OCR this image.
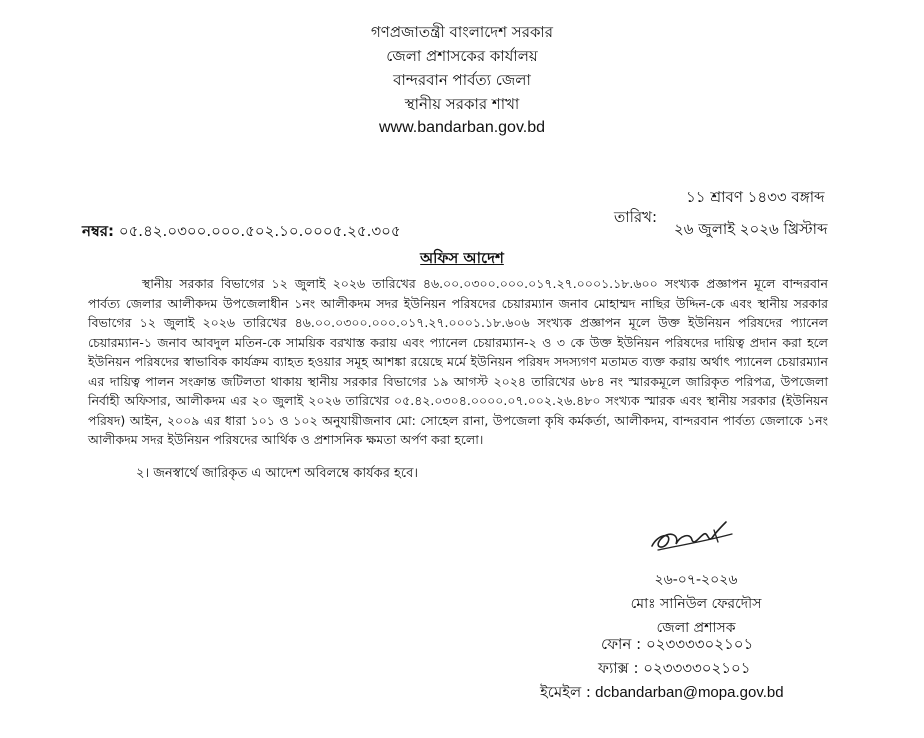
গণপ্রজাতন্ত্রী বাংলাদেশ সরকার
জেলা প্রশাসকের কার্যালয়
বান্দরবান পার্বত্য জেলা
স্থানীয় সরকার শাখা
www.bandarban.gov.bd
তারিখ:
১১ শ্রাবণ ১৪৩৩ বঙ্গাব্দ
২৬ জুলাই ২০২৬ খ্রিস্টাব্দ
নম্বর: ০৫.৪২.০৩০০.০০০.৫০২.১০.০০০৫.২৫.৩০৫
অফিস আদেশ
স্থানীয় সরকার বিভাগের ১২ জুলাই ২০২৬ তারিখের ৪৬.০০.০৩০০.০০০.০১৭.২৭.০০০১.১৮.৬০০ সংখ্যক প্রজ্ঞাপন মূলে বান্দরবান পার্বত্য জেলার আলীকদম উপজেলাধীন ১নং আলীকদম সদর ইউনিয়ন পরিষদের চেয়ারম্যান জনাব মোহাম্মদ নাছির উদ্দিন-কে এবং স্থানীয় সরকার বিভাগের ১২ জুলাই ২০২৬ তারিখের ৪৬.০০.০৩০০.০০০.০১৭.২৭.০০০১.১৮.৬০৬ সংখ্যক প্রজ্ঞাপন মূলে উক্ত ইউনিয়ন পরিষদের প্যানেল চেয়ারম্যান-১ জনাব আবদুল মতিন-কে সাময়িক বরখাস্ত করায় এবং প্যানেল চেয়ারম্যান-২ ও ৩ কে উক্ত ইউনিয়ন পরিষদের দায়িত্ব প্রদান করা হলে ইউনিয়ন পরিষদের স্বাভাবিক কার্যক্রম ব্যাহত হওয়ার সমূহ আশঙ্কা রয়েছে মর্মে ইউনিয়ন পরিষদ সদস্যগণ মতামত ব্যক্ত করায় অর্থাৎ প্যানেল চেয়ারম্যান এর দায়িত্ব পালন সংক্রান্ত জটিলতা থাকায় স্থানীয় সরকার বিভাগের ১৯ আগস্ট ২০২৪ তারিখের ৬৮৪ নং স্মারকমূলে জারিকৃত পরিপত্র, উপজেলা নির্বাহী অফিসার, আলীকদম এর ২০ জুলাই ২০২৬ তারিখের ০৫.৪২.০৩০৪.০০০০.০৭.০০২.২৬.৪৮০ সংখ্যক স্মারক এবং স্থানীয় সরকার (ইউনিয়ন পরিষদ) আইন, ২০০৯ এর ধারা ১০১ ও ১০২ অনুযায়ীজনাব মো: সোহেল রানা, উপজেলা কৃষি কর্মকর্তা, আলীকদম, বান্দরবান পার্বত্য জেলাকে ১নং আলীকদম সদর ইউনিয়ন পরিষদের আর্থিক ও প্রশাসনিক ক্ষমতা অর্পণ করা হলো।
২। জনস্বার্থে জারিকৃত এ আদেশ অবিলম্বে কার্যকর হবে।
২৬-০৭-২০২৬
মোঃ সানিউল ফেরদৌস
জেলা প্রশাসক
ফোন : ০২৩৩৩৩০২১০১
ফ্যাক্স : ০২৩৩৩৩০২১০১
ইমেইল : dcbandarban@mopa.gov.bd
